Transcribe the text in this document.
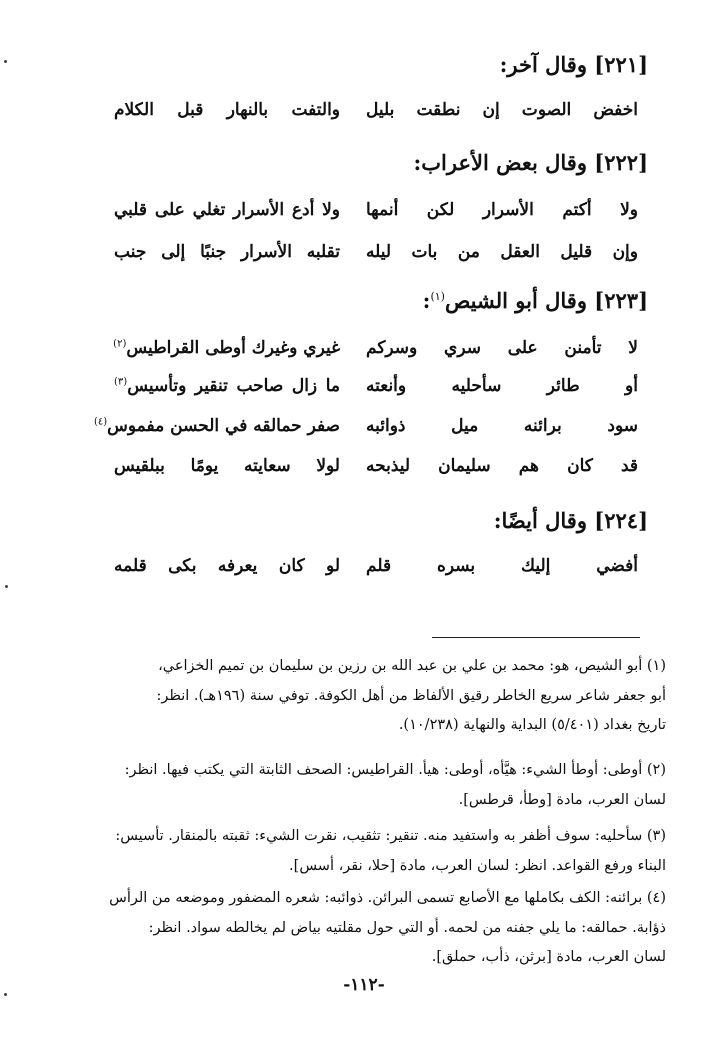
[٢٢١] وقال آخر:
اخفض الصوت إن نطقت بليل
والتفت بالنهار قبل الكلام
[٢٢٢] وقال بعض الأعراب:
ولا أكتم الأسرار لكن أنمها
ولا أدع الأسرار تغلي على قلبي
وإن قليل العقل من بات ليله
تقلبه الأسرار جنبًا إلى جنب
[٢٢٣] وقال أبو الشيص$^{(١)}$:
لا تأمنن على سري وسركم
غيري وغيرك أوطى القراطيس$^{(٢)}$
أو طائر سأحليه وأنعته
ما زال صاحب تنقير وتأسيس$^{(٣)}$
سود برائنه ميل ذوائبه
صفر حمالقه في الحسن مفموس$^{(٤)}$
قد كان هم سليمان ليذبحه
لولا سعايته يومًا ببلقيس
[٢٢٤] وقال أيضًا:
أفضي إليك بسره قلم
لو كان يعرفه بكى قلمه
(١) أبو الشيص، هو: محمد بن علي بن عبد الله بن رزين بن سليمان بن تميم الخزاعي،
أبو جعفر شاعر سريع الخاطر رقيق الألفاظ من أهل الكوفة. توفي سنة (١٩٦هـ). انظر:
تاريخ بغداد (٥/٤٠١) البداية والنهاية (١٠/٢٣٨).
(٢) أوطى: أوطأ الشيء: هيَّأه، أوطى: هيأ. القراطيس: الصحف الثابتة التي يكتب فيها. انظر:
لسان العرب، مادة [وطأ، قرطس].
(٣) سأحليه: سوف أظفر به واستفيد منه. تنقير: تثقيب، نقرت الشيء: ثقبته بالمنقار. تأسيس:
البناء ورفع القواعد. انظر: لسان العرب، مادة [حلا، نقر، أسس].
(٤) برائنه: الكف بكاملها مع الأصابع تسمى البرائن. ذوائبه: شعره المضفور وموضعه من الرأس
ذؤابة. حمالقه: ما يلي جفنه من لحمه. أو التي حول مقلتيه بياض لم يخالطه سواد. انظر:
لسان العرب، مادة [برثن، ذأب، حملق].
-١١٢-
